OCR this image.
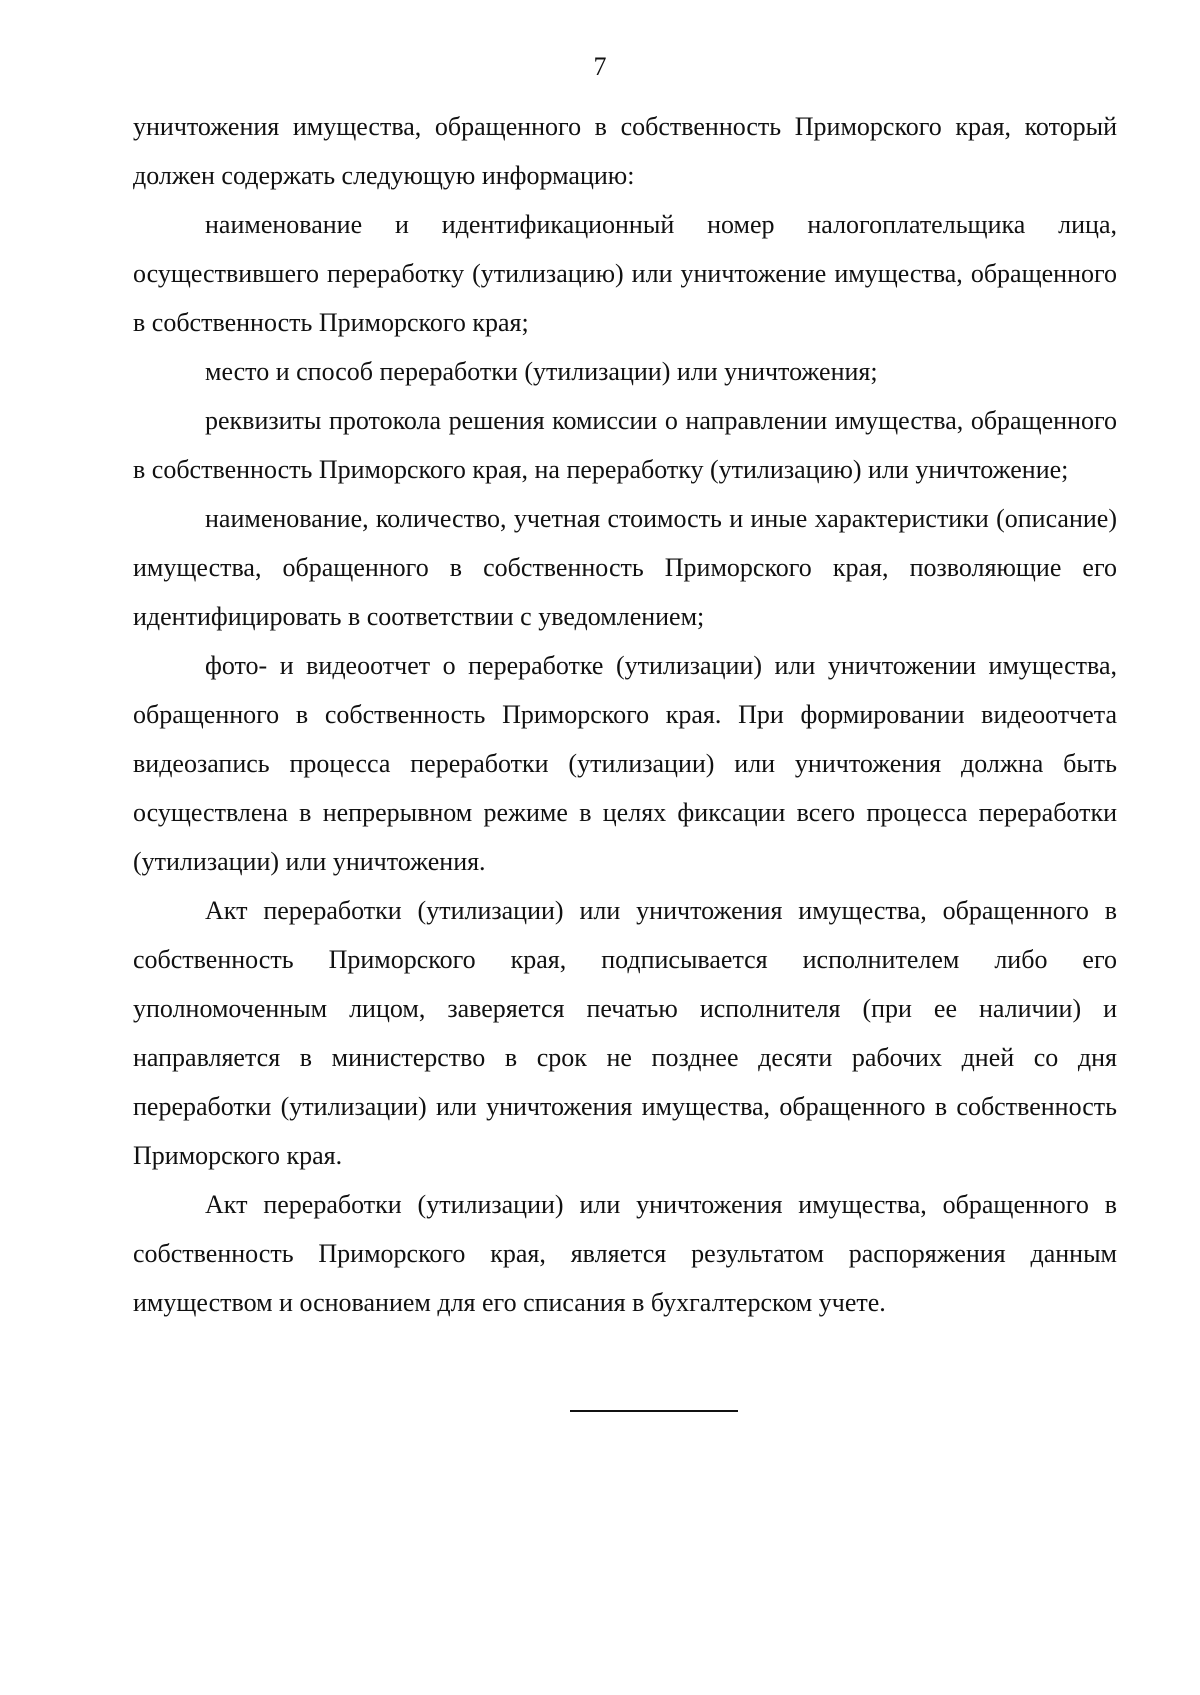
7

уничтожения имущества, обращенного в собственность Приморского края, который должен содержать следующую информацию:

наименование и идентификационный номер налогоплательщика лица, осуществившего переработку (утилизацию) или уничтожение имущества, обращенного в собственность Приморского края;

место и способ переработки (утилизации) или уничтожения;

реквизиты протокола решения комиссии о направлении имущества, обращенного в собственность Приморского края, на переработку (утилизацию) или уничтожение;

наименование, количество, учетная стоимость и иные характеристики (описание) имущества, обращенного в собственность Приморского края, позволяющие его идентифицировать в соответствии с уведомлением;

фото- и видеоотчет о переработке (утилизации) или уничтожении имущества, обращенного в собственность Приморского края. При формировании видеоотчета видеозапись процесса переработки (утилизации) или уничтожения должна быть осуществлена в непрерывном режиме в целях фиксации всего процесса переработки (утилизации) или уничтожения.

Акт переработки (утилизации) или уничтожения имущества, обращенного в собственность Приморского края, подписывается исполнителем либо его уполномоченным лицом, заверяется печатью исполнителя (при ее наличии) и направляется в министерство в срок не позднее десяти рабочих дней со дня переработки (утилизации) или уничтожения имущества, обращенного в собственность Приморского края.

Акт переработки (утилизации) или уничтожения имущества, обращенного в собственность Приморского края, является результатом распоряжения данным имуществом и основанием для его списания в бухгалтерском учете.
